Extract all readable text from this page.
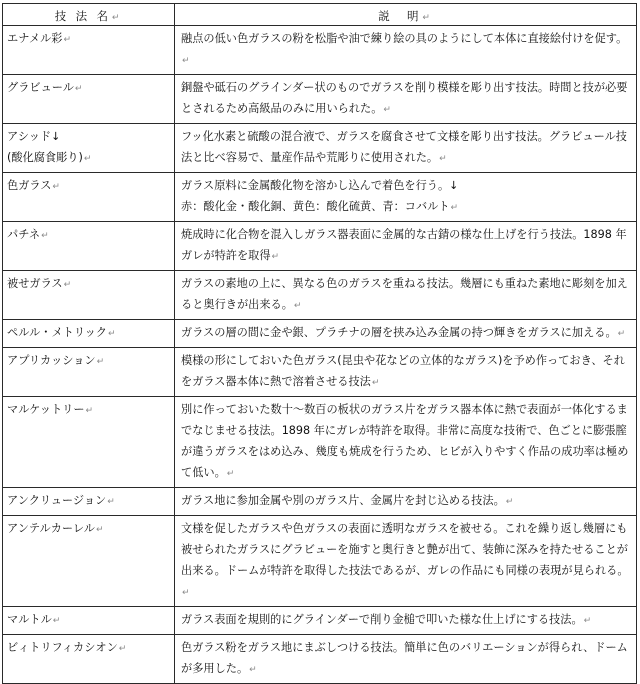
技 法 名↵	説　明↵
エナメル彩↵	融点の低い色ガラスの粉を松脂や油で練り絵の具のようにして本体に直接絵付けを促す。↵
グラビュール↵	銅盤や砥石のグラインダー状のものでガラスを削り模様を彫り出す技法。時間と技が必要とされるため高級品のみに用いられた。↵

アシッド↓
(酸化腐食彫り)↵	フッ化水素と硫酸の混合液で、ガラスを腐食させて文様を彫り出す技法。グラビュール技法と比べ容易で、量産作品や荒彫りに使用された。↵
色ガラス↵	ガラス原料に金属酸化物を溶かし込んで着色を行う。↓
赤：酸化金・酸化銅、黄色：酸化硫黄、青：コバルト↵
パチネ↵	焼成時に化合物を混入しガラス器表面に金属的な古錆の様な仕上げを行う技法。1898 年ガレが特許を取得↵
被せガラス↵	ガラスの素地の上に、異なる色のガラスを重ねる技法。幾層にも重ねた素地に彫刻を加えると奥行きが出来る。↵
ペルル・メトリック↵	ガラスの層の間に金や銀、プラチナの層を挟み込み金属の持つ輝きをガラスに加える。↵
アプリカッション↵	模様の形にしておいた色ガラス(昆虫や花などの立体的なガラス)を予め作っておき、それをガラス器本体に熱で溶着させる技法↵
マルケットリー↵	別に作っておいた数十～数百の板状のガラス片をガラス器本体に熱で表面が一体化するまでなじませる技法。1898 年にガレが特許を取得。非常に高度な技術で、色ごとに膨張膣が違うガラスをはめ込み、幾度も焼成を行うため、ヒビが入りやすく作品の成功率は極めて低い。↵
アンクリュージョン↵	ガラス地に参加金属や別のガラス片、金属片を封じ込める技法。↵
アンテルカーレル↵	文様を促したガラスや色ガラスの表面に透明なガラスを被せる。これを繰り返し幾層にも被せられたガラスにグラビューを施すと奥行きと艶が出て、装飾に深みを持たせることが出来る。ドームが特許を取得した技法であるが、ガレの作品にも同様の表現が見られる。↵
マルトル↵	ガラス表面を規則的にグラインダーで削り金槌で叩いた様な仕上げにする技法。↵
ビィトリフィカシオン↵	色ガラス粉をガラス地にまぶしつける技法。簡単に色のバリエーションが得られ、ドームが多用した。↵
